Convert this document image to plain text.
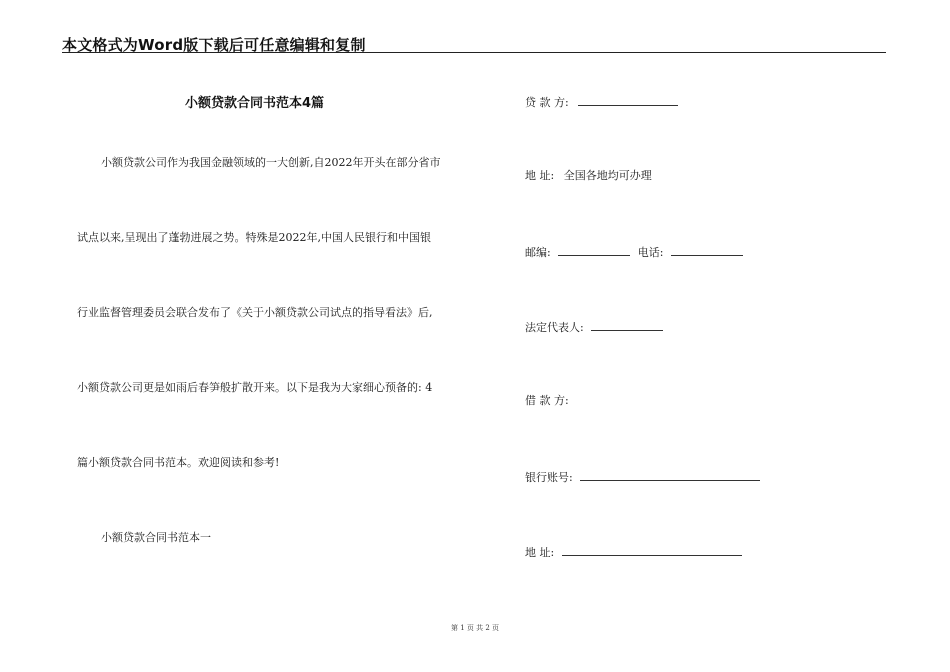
本文格式为Word版下载后可任意编辑和复制
小额贷款合同书范本4篇
小额贷款公司作为我国金融领域的一大创新,自2022年开头在部分省市
试点以来,呈现出了蓬勃进展之势。特殊是2022年,中国人民银行和中国银
行业监督管理委员会联合发布了《关于小额贷款公司试点的指导看法》后,
小额贷款公司更是如雨后春笋般扩散开来。以下是我为大家细心预备的: 4
篇小额贷款合同书范本。欢迎阅读和参考!
小额贷款合同书范本一
贷 款 方:
地 址: 全国各地均可办理
邮编:	电话:
法定代表人:
借 款 方:
银行账号:
地 址:
第 1 页 共 2 页
